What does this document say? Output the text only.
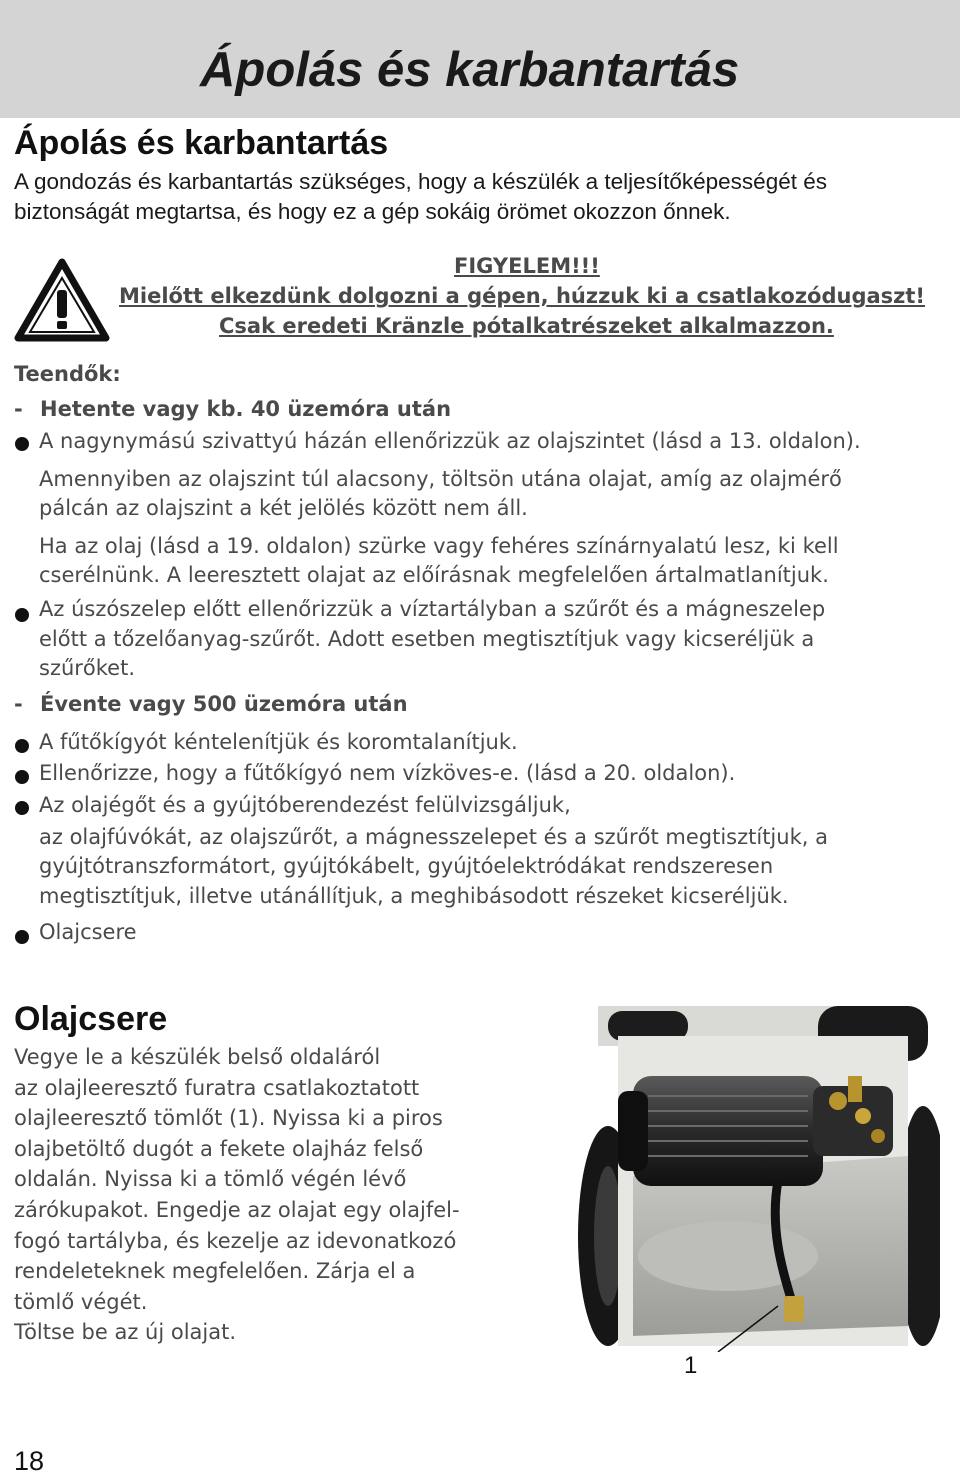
Ápolás és karbantartás
Ápolás és karbantartás
A gondozás és karbantartás szükséges, hogy a készülék a teljesítőképességét és
biztonságát megtartsa, és hogy ez a gép sokáig örömet okozzon őnnek.
FIGYELEM!!!
Mielőtt elkezdünk dolgozni a gépen, húzzuk ki a csatlakozódugaszt!
Csak eredeti Kränzle pótalkatrészeket alkalmazzon.
Teendők:
- Hetente vagy kb. 40 üzemóra után
A nagynymású szivattyú házán ellenőrizzük az olajszintet (lásd a 13. oldalon).
Amennyiben az olajszint túl alacsony, töltsön utána olajat, amíg az olajmérő
pálcán az olajszint a két jelölés között nem áll.
Ha az olaj (lásd a 19. oldalon) szürke vagy fehéres színárnyalatú lesz, ki kell
cserélnünk. A leeresztett olajat az előírásnak megfelelően ártalmatlanítjuk.
Az úszószelep előtt ellenőrizzük a víztartályban a szűrőt és a mágneszelep
előtt a tőzelőanyag-szűrőt. Adott esetben megtisztítjuk vagy kicseréljük a
szűrőket.
- Évente vagy 500 üzemóra után
A fűtőkígyót kéntelenítjük és koromtalanítjuk.
Ellenőrizze, hogy a fűtőkígyó nem vízköves-e. (lásd a 20. oldalon).
Az olajégőt és a gyújtóberendezést felülvizsgáljuk,
az olajfúvókát, az olajszűrőt, a mágnesszelepet és a szűrőt megtisztítjuk, a
gyújtótranszformátort, gyújtókábelt, gyújtóelektródákat rendszeresen
megtisztítjuk, illetve utánállítjuk, a meghibásodott részeket kicseréljük.
Olajcsere
Olajcsere
Vegye le a készülék belső oldaláról
az olajleeresztő furatra csatlakoztatott
olajleeresztő tömlőt (1). Nyissa ki a piros
olajbetöltő dugót a fekete olajház felső
oldalán. Nyissa ki a tömlő végén lévő
zárókupakot. Engedje az olajat egy olajfel-
fogó tartályba, és kezelje az idevonatkozó
rendeleteknek megfelelően. Zárja el a
tömlő végét.
Töltse be az új olajat.
1
18
